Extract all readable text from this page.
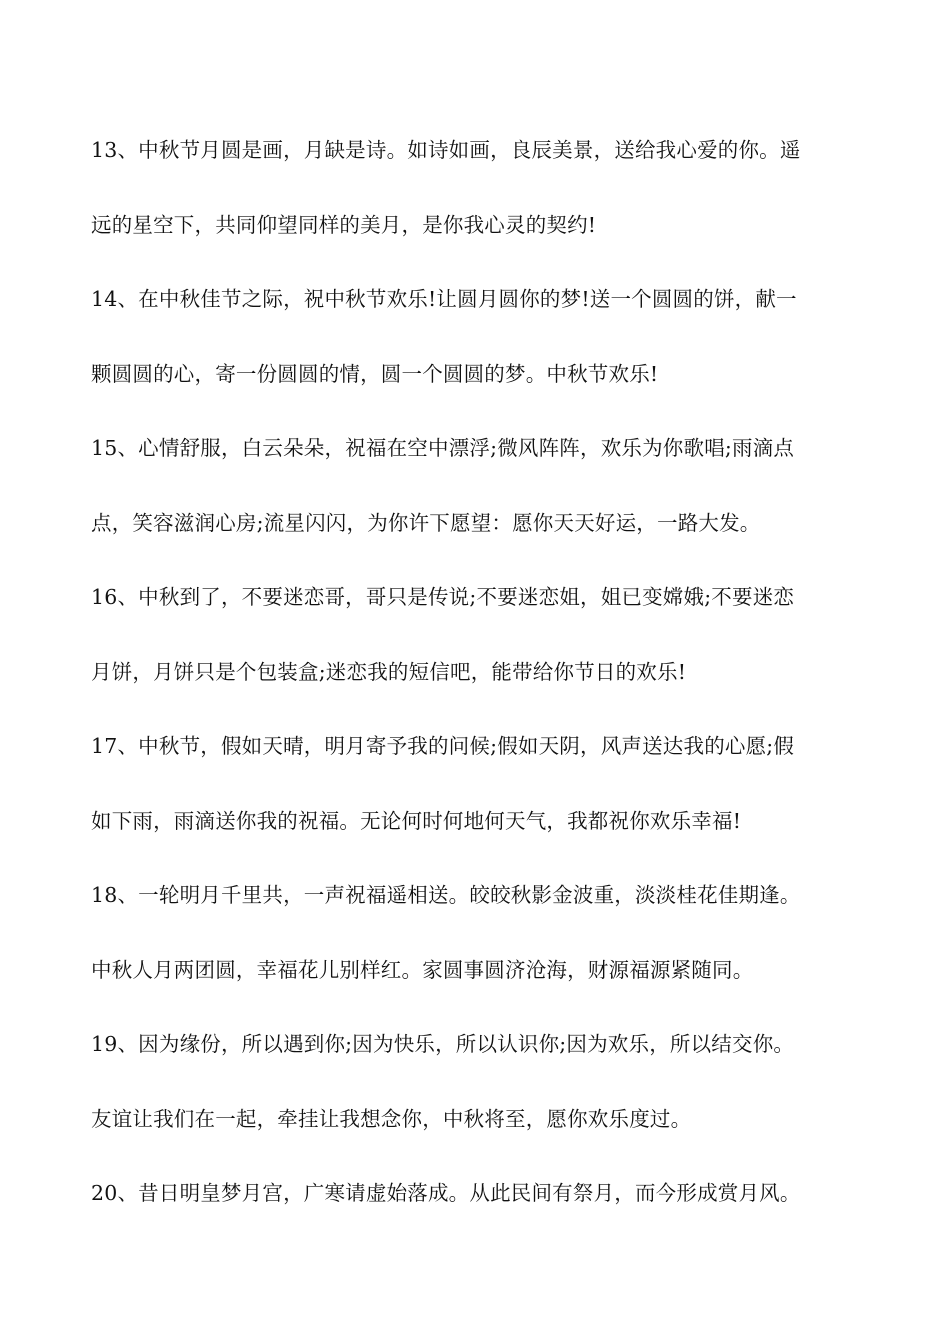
13、中秋节月圆是画，月缺是诗。如诗如画，良辰美景，送给我心爱的你。遥
远的星空下，共同仰望同样的美月，是你我心灵的契约!
14、在中秋佳节之际，祝中秋节欢乐!让圆月圆你的梦!送一个圆圆的饼，献一
颗圆圆的心，寄一份圆圆的情，圆一个圆圆的梦。中秋节欢乐!
15、心情舒服，白云朵朵，祝福在空中漂浮;微风阵阵，欢乐为你歌唱;雨滴点
点，笑容滋润心房;流星闪闪，为你许下愿望：愿你天天好运，一路大发。
16、中秋到了，不要迷恋哥，哥只是传说;不要迷恋姐，姐已变嫦娥;不要迷恋
月饼，月饼只是个包装盒;迷恋我的短信吧，能带给你节日的欢乐!
17、中秋节，假如天晴，明月寄予我的问候;假如天阴，风声送达我的心愿;假
如下雨，雨滴送你我的祝福。无论何时何地何天气，我都祝你欢乐幸福!
18、一轮明月千里共，一声祝福遥相送。皎皎秋影金波重，淡淡桂花佳期逢。
中秋人月两团圆，幸福花儿别样红。家圆事圆济沧海，财源福源紧随同。
19、因为缘份，所以遇到你;因为快乐，所以认识你;因为欢乐，所以结交你。
友谊让我们在一起，牵挂让我想念你，中秋将至，愿你欢乐度过。
20、昔日明皇梦月宫，广寒请虚始落成。从此民间有祭月，而今形成赏月风。
